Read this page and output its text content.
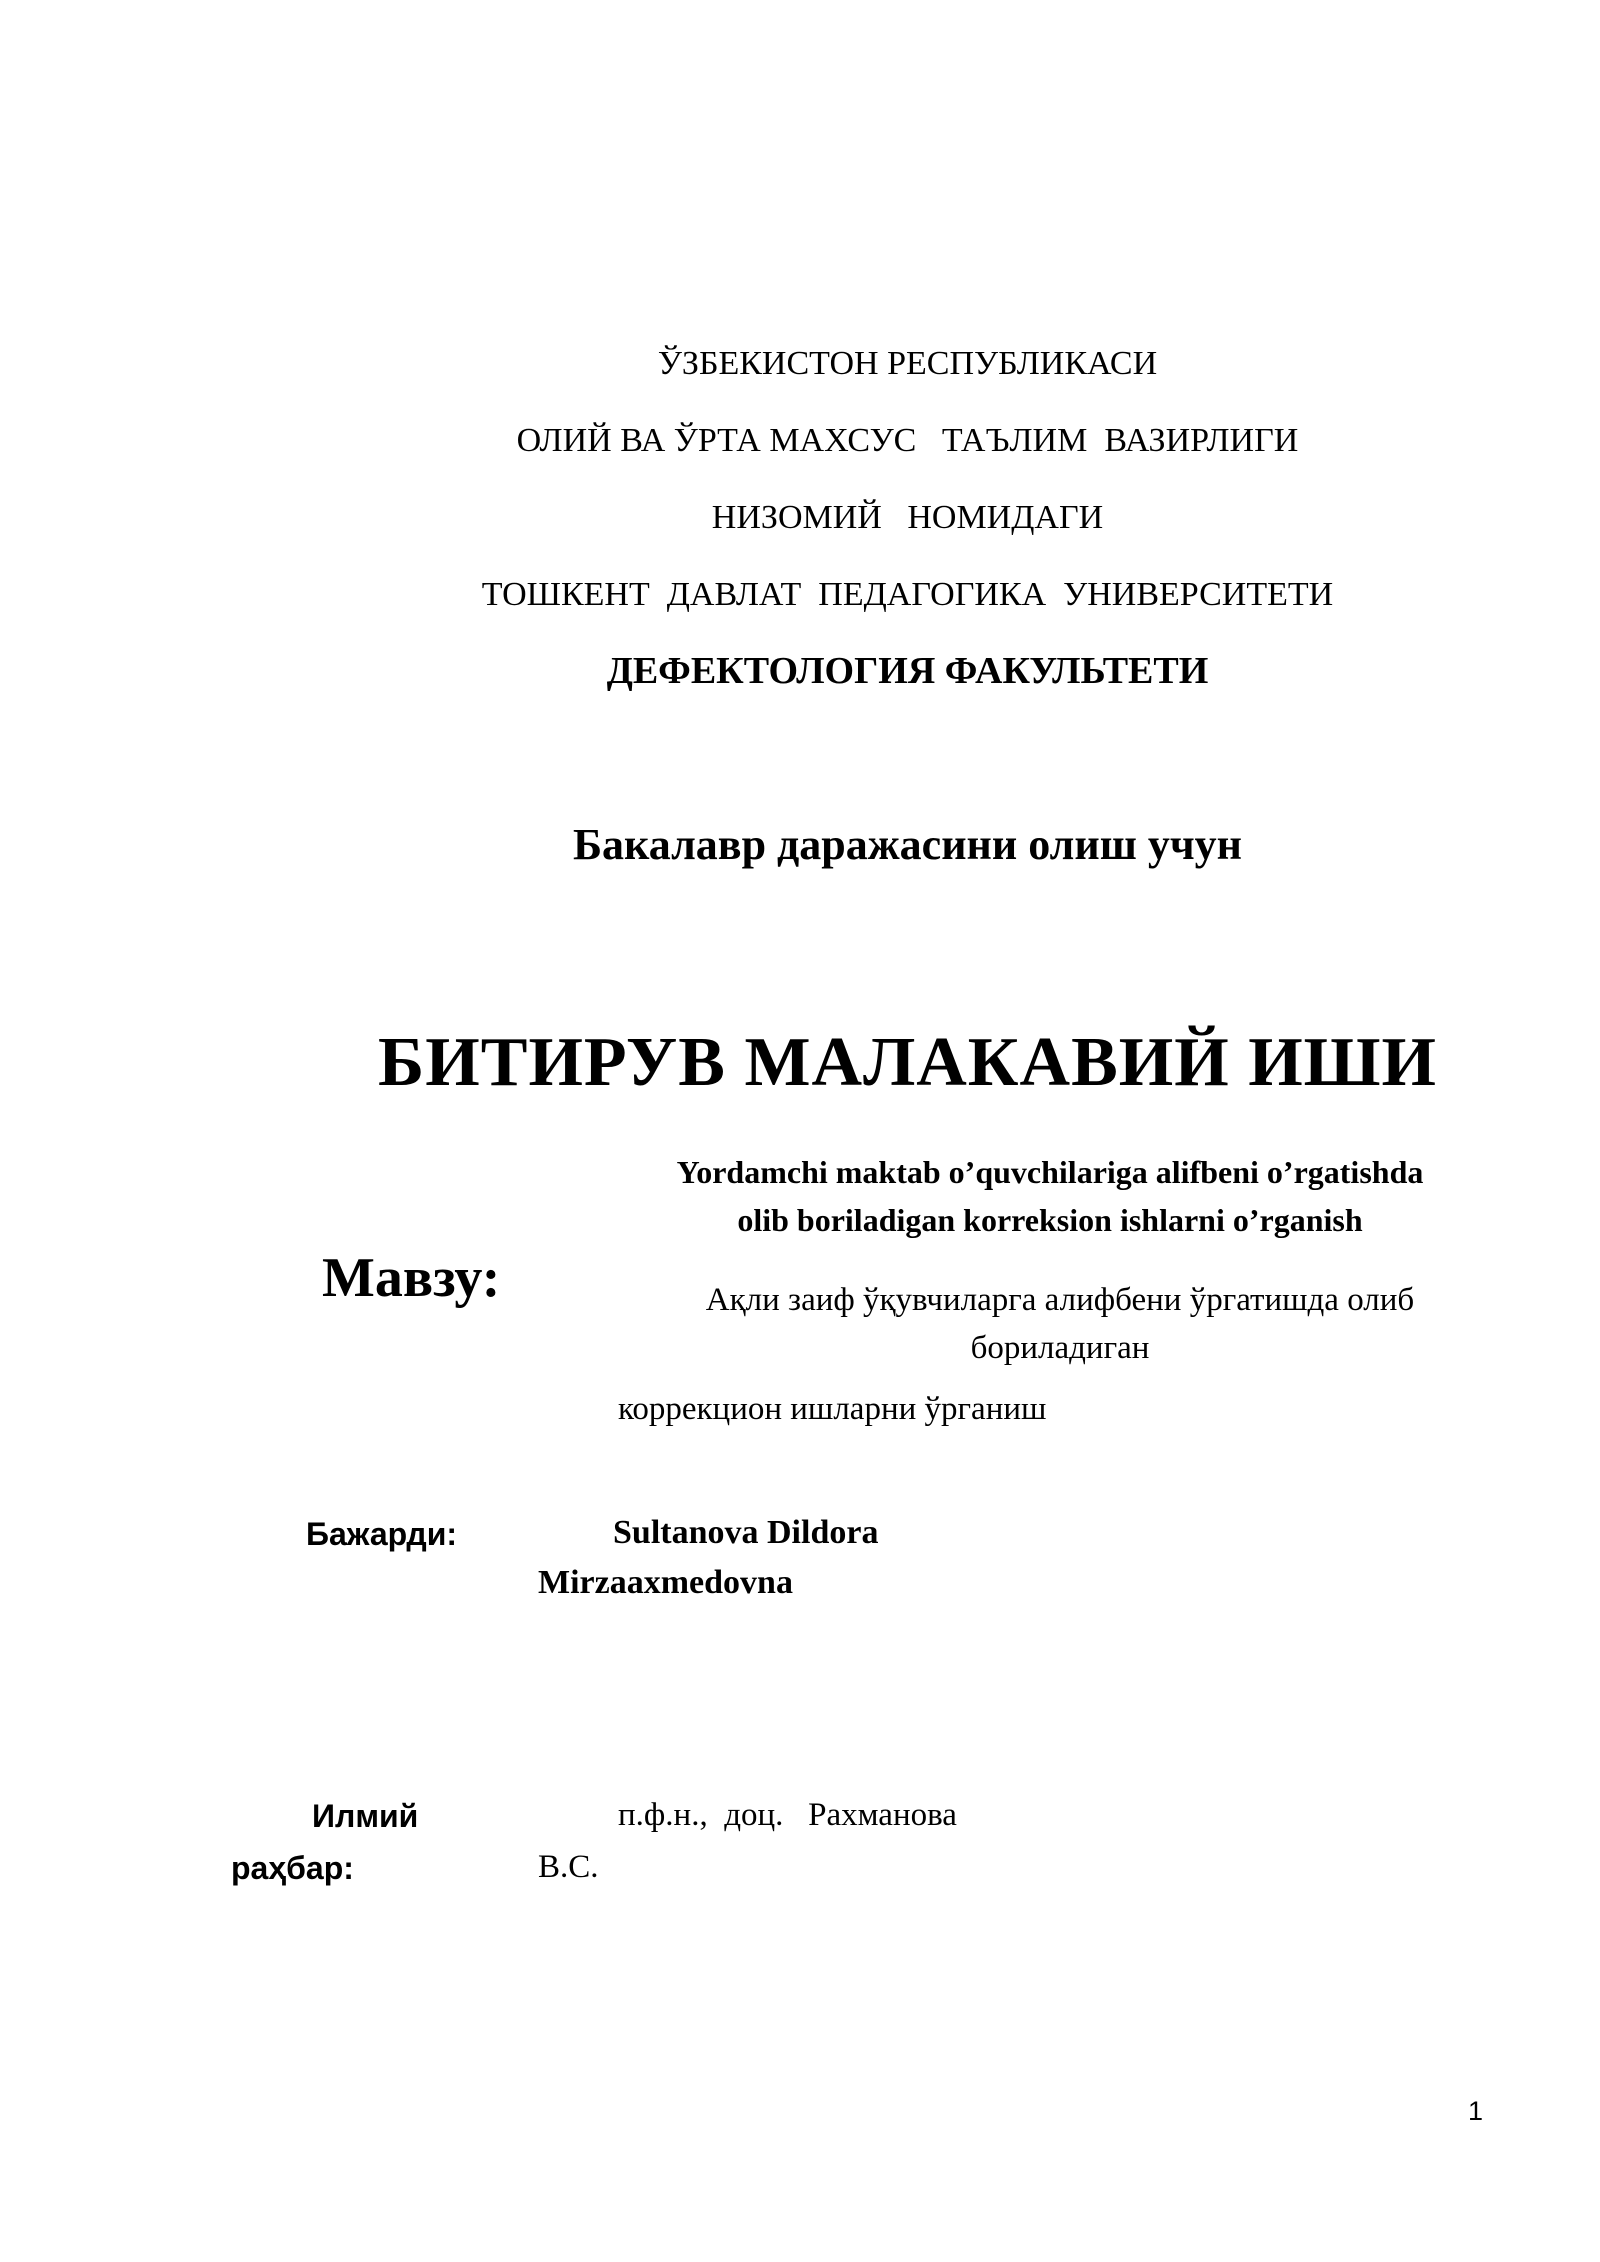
ЎЗБЕКИСТОН РЕСПУБЛИКАСИ
ОЛИЙ ВА ЎРТА МАХСУС   ТАЪЛИМ  ВАЗИРЛИГИ
НИЗОМИЙ   НОМИДАГИ
ТОШКЕНТ  ДАВЛАТ  ПЕДАГОГИКА  УНИВЕРСИТЕТИ
ДЕФЕКТОЛОГИЯ ФАКУЛЬТЕТИ
Бакалавр даражасини олиш учун
БИТИРУВ МАЛАКАВИЙ ИШИ
Yordamchi maktab o’quvchilariga alifbeni o’rgatishda
olib boriladigan korreksion ishlarni o’rganish
Мавзу:	Ақли заиф ўқувчиларга алифбени ўргатишда олиб
бориладиган
коррекцион ишларни ўрганиш
Бажарди:	Sultanova Dildora
Mirzaaxmedovna
Илмий
раҳбар:
п.ф.н.,  доц.   Рахманова
В.С.
1
